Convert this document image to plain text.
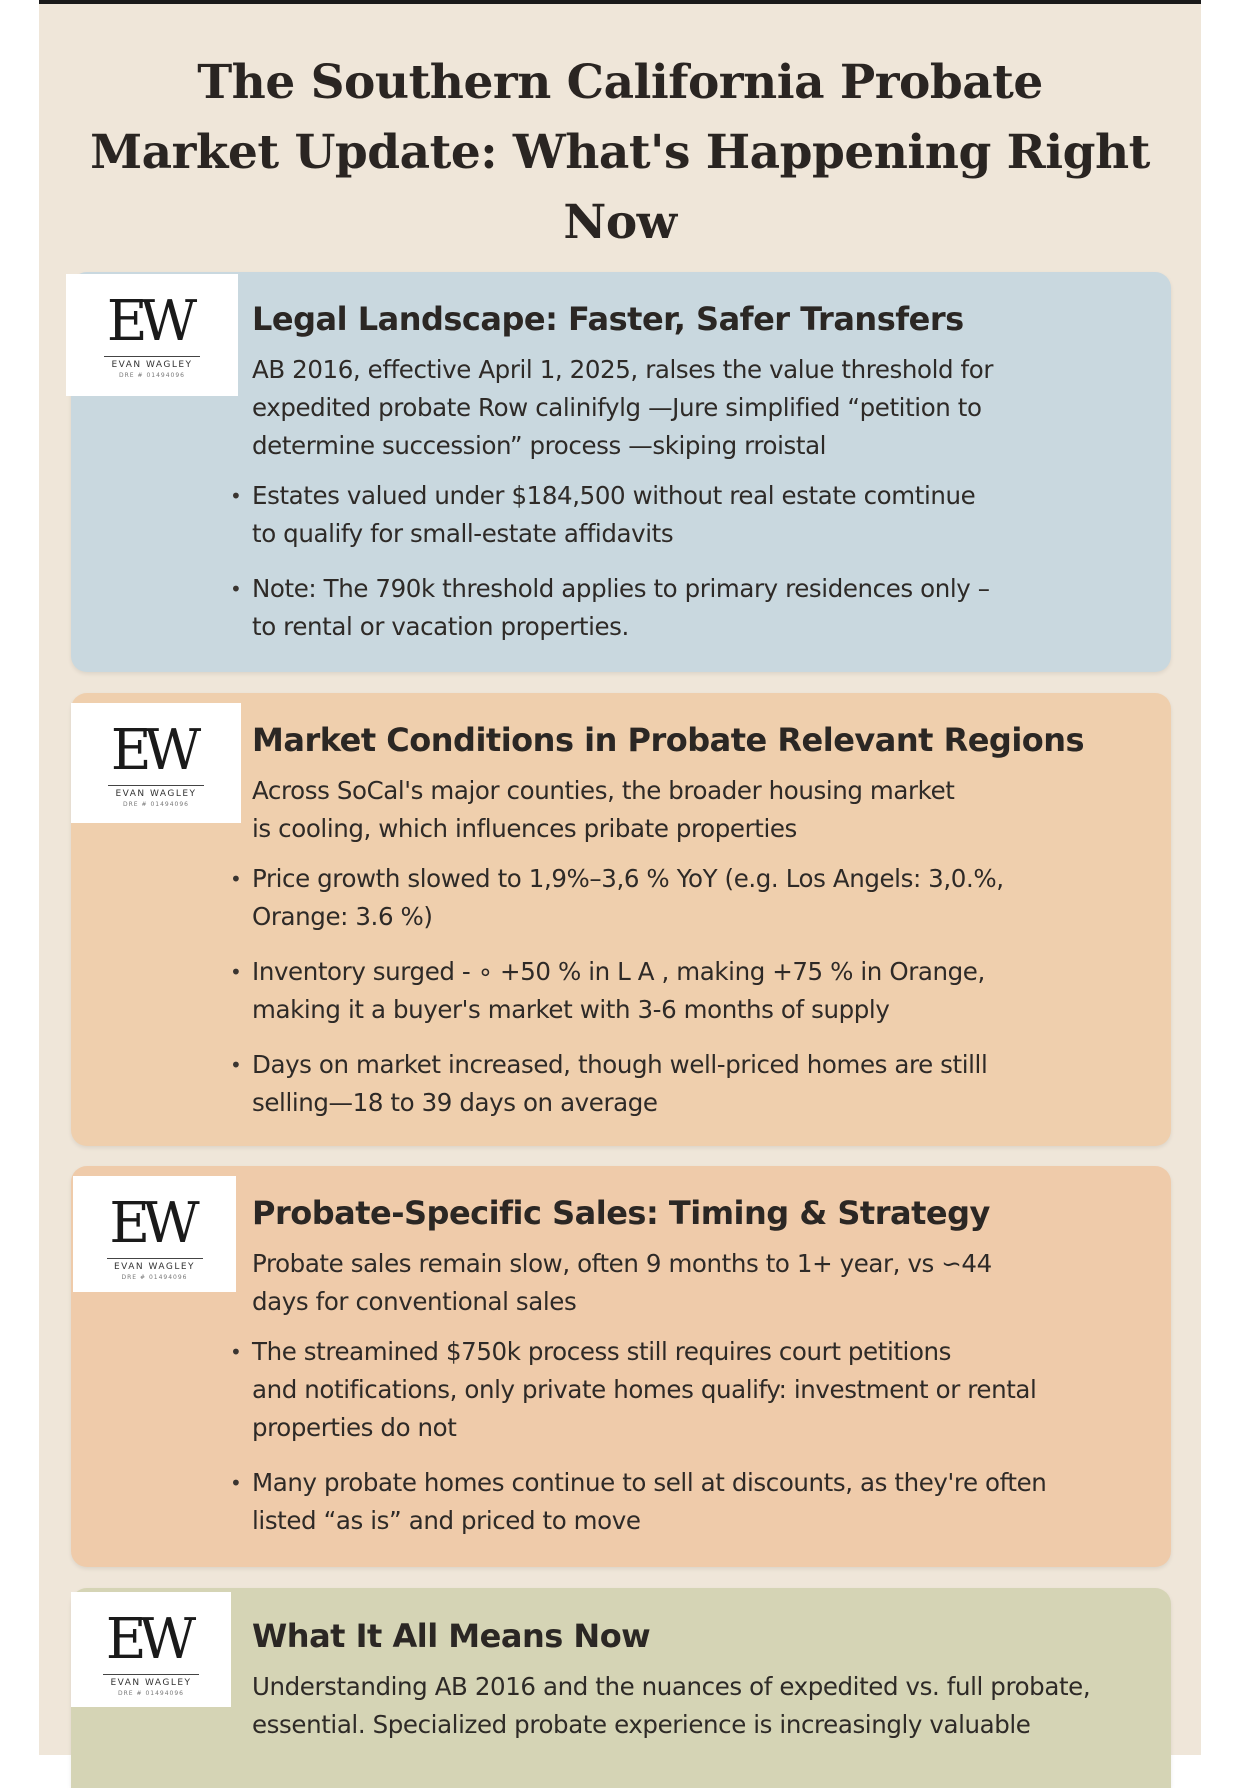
The Southern California Probate
Market Update: What's Happening Right
Now
EW
EVAN WAGLEY
DRE # 01494096
EW
EVAN WAGLEY
DRE # 01494096
EW
EVAN WAGLEY
DRE # 01494096
EW
EVAN WAGLEY
DRE # 01494096
Legal Landscape: Faster, Safer Transfers

AB 2016, effective April 1, 2025, ralses the value threshold for
expedited probate Row calinifylg —Jure simplified “petition to
determine succession” process —skiping rroistal

• Estates valued under $184,500 without real estate comtinue
to qualify for small-estate affidavits
• Note: The 790k threshold applies to primary residences only –
to rental or vacation properties.
Market Conditions in Probate Relevant Regions

Across SoCal's major counties, the broader housing market
is cooling, which influences pribate properties

• Price growth slowed to 1,9%–3,6 % YoY (e.g. Los Angels: 3,0.%,
Orange: 3.6 %)
• Inventory surged - ∘ +50 % in L A , making +75 % in Orange,
making it a buyer's market with 3-6 months of supply
• Days on market increased, though well-priced homes are stilll
selling—18 to 39 days on average
Probate-Specific Sales: Timing & Strategy

Probate sales remain slow, often 9 months to 1+ year, vs ∽44
days for conventional sales

• The streamined $750k process still requires court petitions
and notifications, only private homes qualify: investment or rental
properties do not
• Many probate homes continue to sell at discounts, as they're often
listed “as is” and priced to move
What It All Means Now

Understanding AB 2016 and the nuances of expedited vs. full probate,
essential. Specialized probate experience is increasingly valuable
